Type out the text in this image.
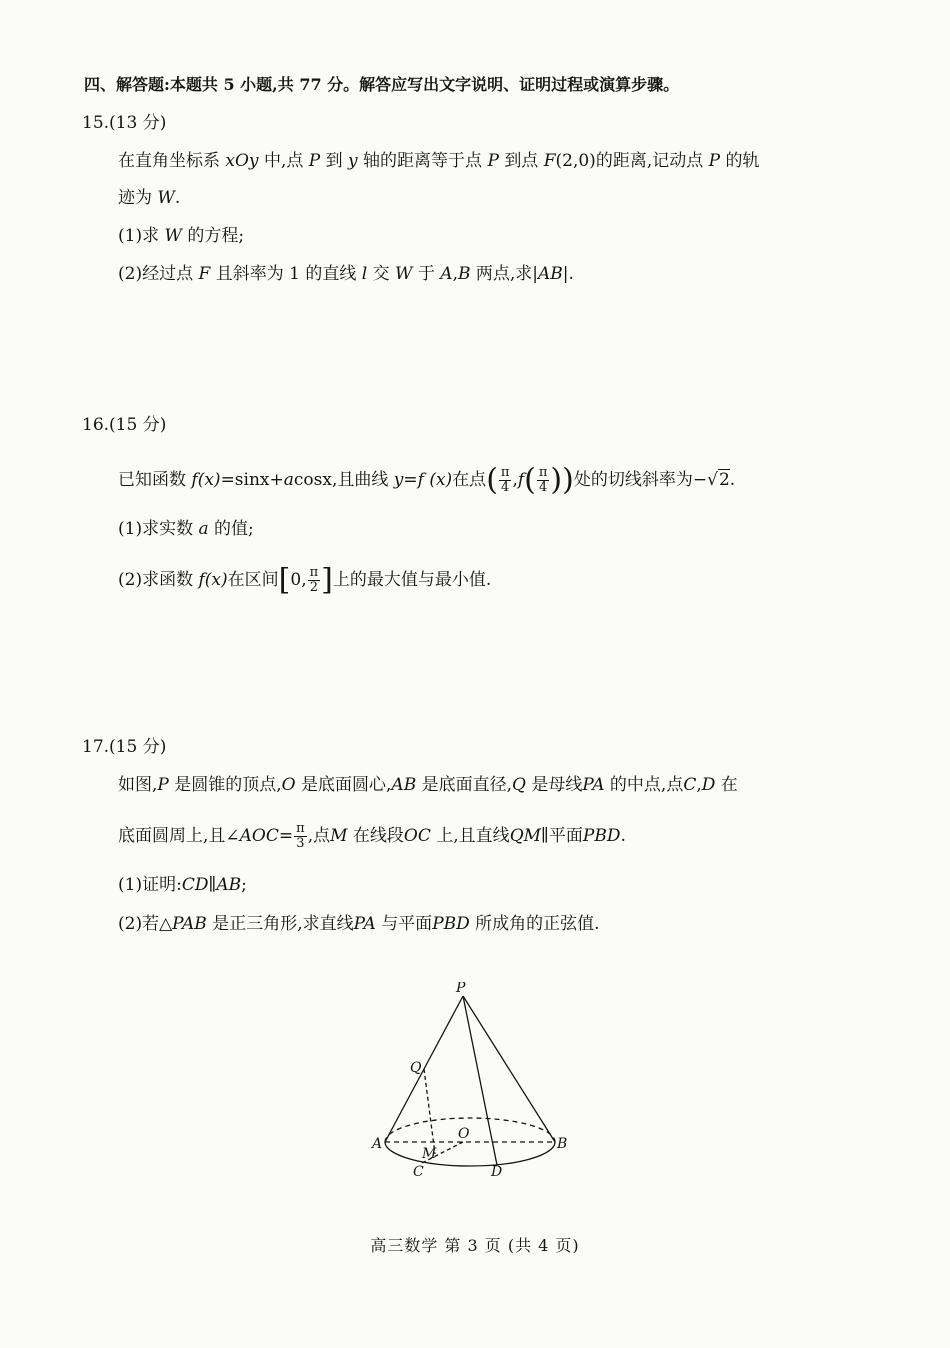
四、解答题:本题共 5 小题,共 77 分。解答应写出文字说明、证明过程或演算步骤。
15.(13 分)
在直角坐标系 xOy 中,点 P 到 y 轴的距离等于点 P 到点 F(2,0)的距离,记动点 P 的轨
迹为 W.
(1)求 W 的方程;
(2)经过点 F 且斜率为 1 的直线 l 交 W 于 A,B 两点,求|AB|.
16.(15 分)
已知函数 f(x)=sinx+acosx,且曲线 y=f (x)在点( $\frac{\pi}{4} ,f( \frac{\pi}{4}$ ))处的切线斜率为−√2.
(1)求实数 a 的值;
(2)求函数 f(x)在区间[0, $\frac{\pi}{2}$ ]上的最大值与最小值.
17.(15 分)
如图,P 是圆锥的顶点,O 是底面圆心,AB 是底面直径,Q 是母线PA 的中点,点C,D 在
底面圆周上,且∠AOC= $\frac{\pi}{3}$ ,点M 在线段OC 上,且直线QM∥平面PBD.
(1)证明:CD∥AB;
(2)若△PAB 是正三角形,求直线PA 与平面PBD 所成角的正弦值.
P
Q
A
O
B
M
C	D
高三数学 第 3 页 (共 4 页)
